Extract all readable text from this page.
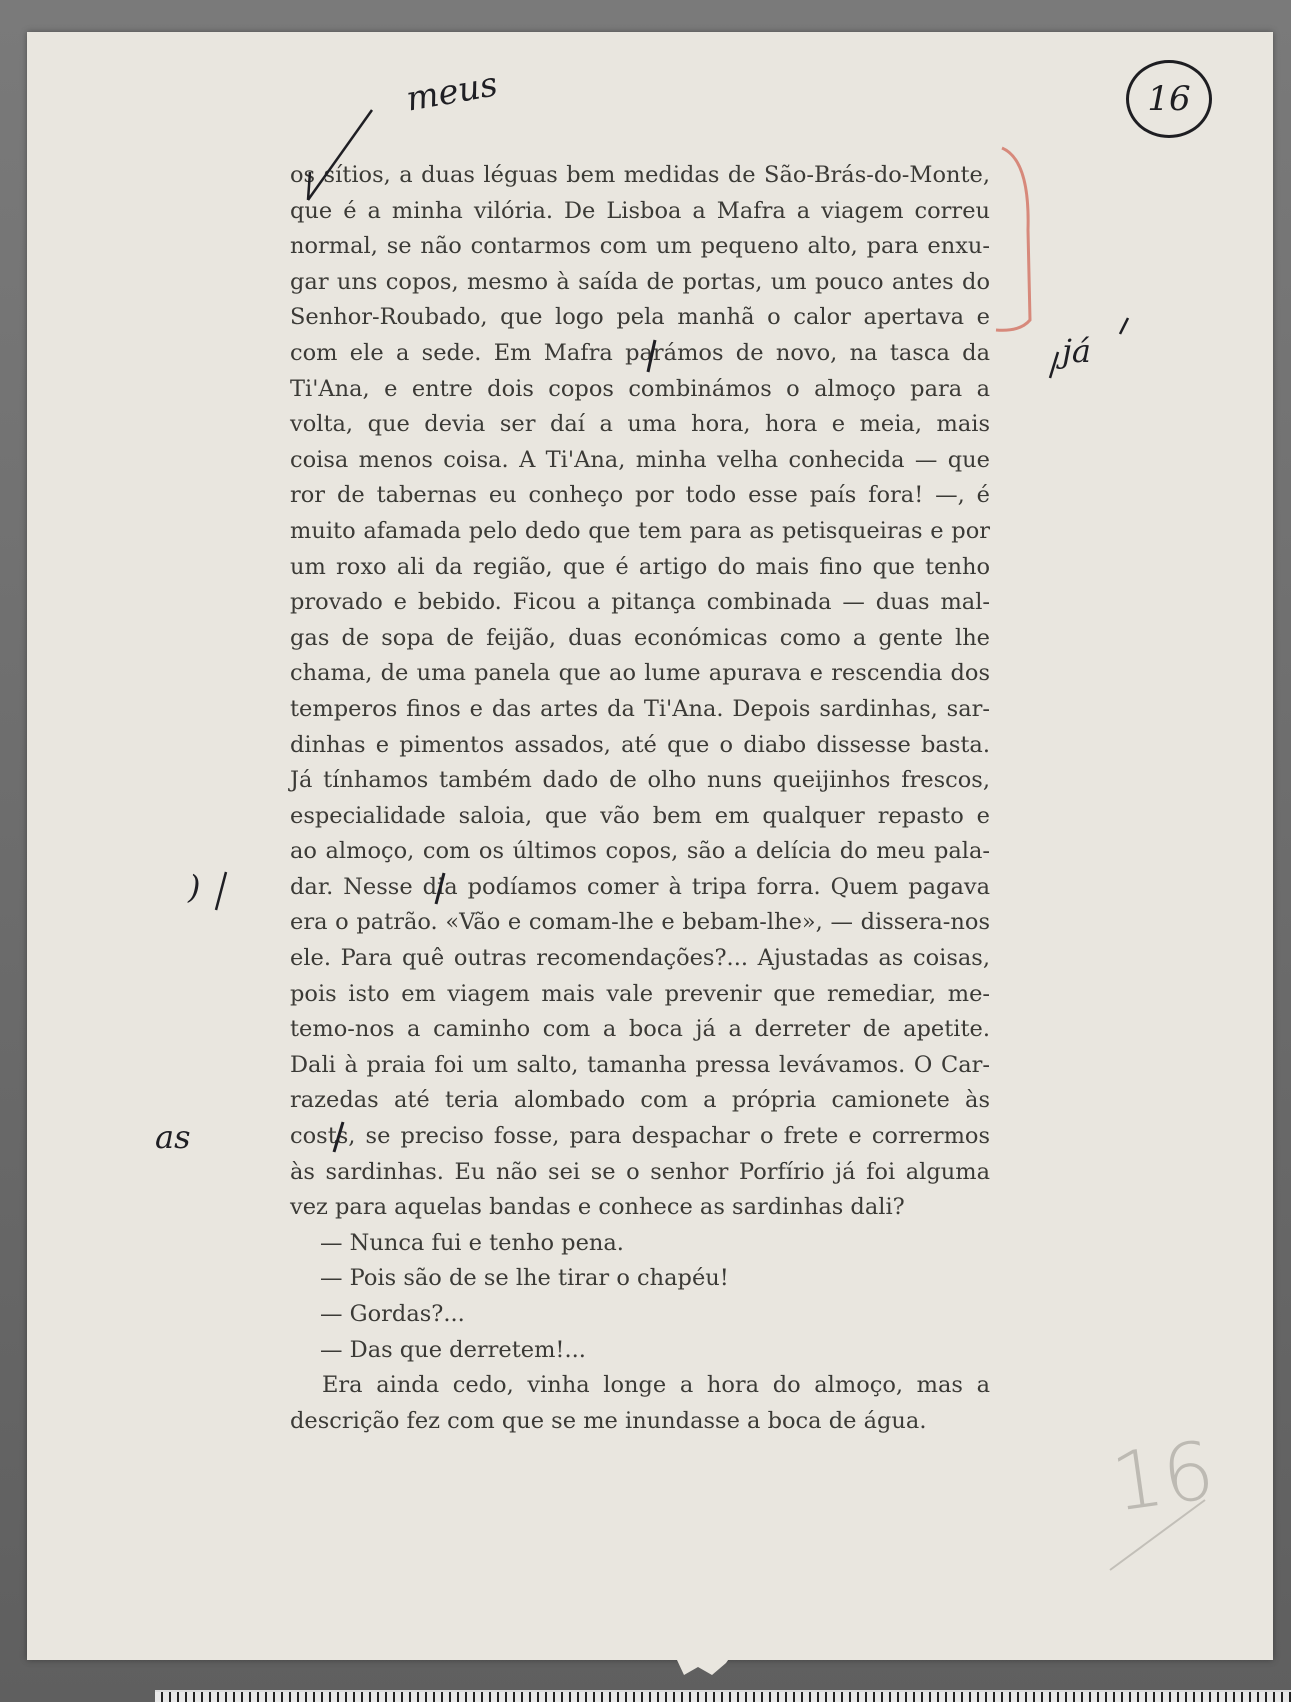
16
meus
já
)
as
16
os sítios, a duas léguas bem medidas de São-Brás-do-Monte,
que é a minha vilória. De Lisboa a Mafra a viagem correu
normal, se não contarmos com um pequeno alto, para enxu-
gar uns copos, mesmo à saída de portas, um pouco antes do
Senhor-Roubado, que logo pela manhã o calor apertava e
com ele a sede. Em Mafra parámos de novo, na tasca da
Ti'Ana, e entre dois copos combinámos o almoço para a
volta, que devia ser daí a uma hora, hora e meia, mais
coisa menos coisa. A Ti'Ana, minha velha conhecida — que
ror de tabernas eu conheço por todo esse país fora! —, é
muito afamada pelo dedo que tem para as petisqueiras e por
um roxo ali da região, que é artigo do mais fino que tenho
provado e bebido. Ficou a pitança combinada — duas mal-
gas de sopa de feijão, duas económicas como a gente lhe
chama, de uma panela que ao lume apurava e rescendia dos
temperos finos e das artes da Ti'Ana. Depois sardinhas, sar-
dinhas e pimentos assados, até que o diabo dissesse basta.
Já tínhamos também dado de olho nuns queijinhos frescos,
especialidade saloia, que vão bem em qualquer repasto e
ao almoço, com os últimos copos, são a delícia do meu pala-
dar. Nesse dia podíamos comer à tripa forra. Quem pagava
era o patrão. «Vão e comam-lhe e bebam-lhe», — dissera-nos
ele. Para quê outras recomendações?... Ajustadas as coisas,
pois isto em viagem mais vale prevenir que remediar, me-
temo-nos a caminho com a boca já a derreter de apetite.
Dali à praia foi um salto, tamanha pressa levávamos. O Car-
razedas até teria alombado com a própria camionete às
costs, se preciso fosse, para despachar o frete e corrermos
às sardinhas. Eu não sei se o senhor Porfírio já foi alguma
vez para aquelas bandas e conhece as sardinhas dali?
— Nunca fui e tenho pena.
— Pois são de se lhe tirar o chapéu!
— Gordas?...
— Das que derretem!...
Era ainda cedo, vinha longe a hora do almoço, mas a
descrição fez com que se me inundasse a boca de água.
